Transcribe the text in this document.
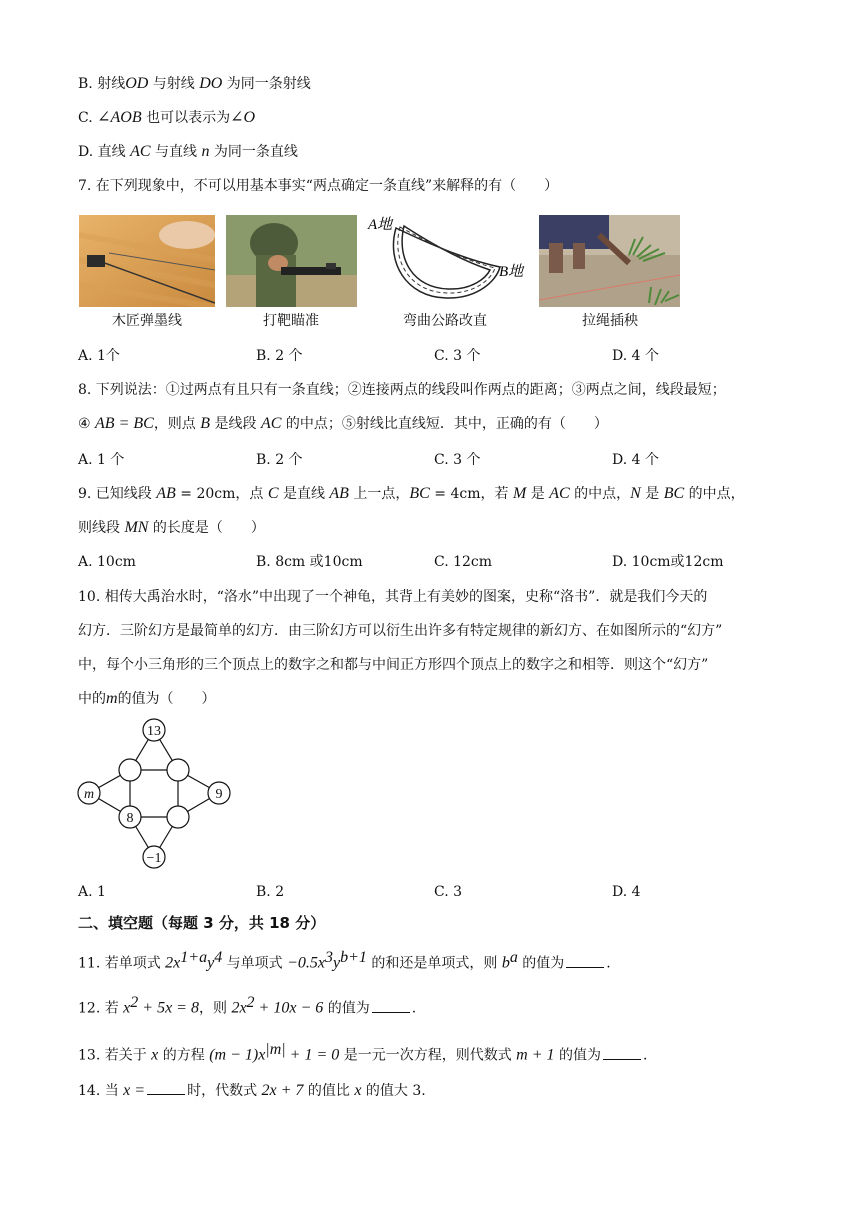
B. 射线OD 与射线 DO 为同一条射线
C. ∠AOB 也可以表示为∠O
D. 直线 AC 与直线 n 为同一条直线
7. 在下列现象中，不可以用基本事实“两点确定一条直线”来解释的有（　　）
木匠弹墨线	打靶瞄准
A地
B地
弯曲公路改直	拉绳插秧
A. 1个	B. 2 个	C. 3 个	D. 4 个
8. 下列说法：①过两点有且只有一条直线；②连接两点的线段叫作两点的距离；③两点之间，线段最短；
④ AB = BC，则点 B 是线段 AC 的中点；⑤射线比直线短．其中，正确的有（　　）
A. 1 个	B. 2 个	C. 3 个	D. 4 个
9. 已知线段 AB = 20cm，点 C 是直线 AB 上一点，BC = 4cm，若 M 是 AC 的中点，N 是 BC 的中点，
则线段 MN 的长度是（　　）
A. 10cm	B. 8cm 或10cm	C. 12cm	D. 10cm或12cm
10. 相传大禹治水时，“洛水”中出现了一个神龟，其背上有美妙的图案，史称“洛书”．就是我们今天的
幻方．三阶幻方是最简单的幻方．由三阶幻方可以衍生出许多有特定规律的新幻方、在如图所示的“幻方”
中，每个小三角形的三个顶点上的数字之和都与中间正方形四个顶点上的数字之和相等．则这个“幻方”
中的m的值为（　　）
13
m	9
8
−1
A. 1	B. 2	C. 3	D. 4
二、填空题（每题 3 分，共 18 分）
11. 若单项式 $2x^{1+a}y^4$ 与单项式 $-0.5x^3y^{b+1}$ 的和还是单项式，则 $b^a$ 的值为	.
12. 若 $x^2 + 5x = 8$，则 $2x^2 + 10x - 6$ 的值为	.
13. 若关于 x 的方程 $(m - 1)x^{|m|} + 1 = 0$ 是一元一次方程，则代数式 m + 1 的值为	.
14. 当 x =	时，代数式 2x + 7 的值比 x 的值大 3.
